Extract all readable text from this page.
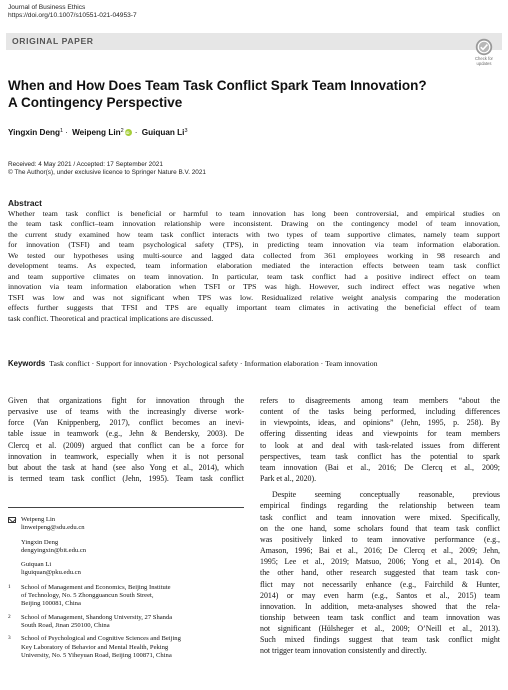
Journal of Business Ethics
https://doi.org/10.1007/s10551-021-04953-7
ORIGINAL PAPER
Check for
updates
When and How Does Team Task Conflict Spark Team Innovation?
A Contingency Perspective
Yingxin Deng$^1$ · Weipeng Lin$^2$iD · Guiquan Li$^3$
Received: 4 May 2021 / Accepted: 17 September 2021
© The Author(s), under exclusive licence to Springer Nature B.V. 2021
Abstract
Whether team task conflict is beneficial or harmful to team innovation has long been controversial, and empirical studies on
the team task conflict–team innovation relationship were inconsistent. Drawing on the contingency model of team innovation,
the current study examined how team task conflict interacts with two types of team supportive climates, namely team support
for innovation (TSFI) and team psychological safety (TPS), in predicting team innovation via team information elaboration.
We tested our hypotheses using multi-source and lagged data collected from 361 employees working in 98 research and
development teams. As expected, team information elaboration mediated the interaction effects between team task conflict
and team supportive climates on team innovation. In particular, team task conflict had a positive indirect effect on team
innovation via team information elaboration when TSFI or TPS was high. However, such indirect effect was negative when
TSFI was low and was not significant when TPS was low. Residualized relative weight analysis comparing the moderation
effects further suggests that TFSI and TPS are equally important team climates in activating the beneficial effect of team
task conflict. Theoretical and practical implications are discussed.
Keywords Task conflict · Support for innovation · Psychological safety · Information elaboration · Team innovation
Given that organizations fight for innovation through the
pervasive use of teams with the increasingly diverse work-
force (Van Knippenberg, 2017), conflict becomes an inevi-
table issue in teamwork (e.g., Jehn & Bendersky, 2003). De
Clercq et al. (2009) argued that conflict can be a force for
innovation in teamwork, especially when it is not personal
but about the task at hand (see also Yong et al., 2014), which
is termed team task conflict (Jehn, 1995). Team task conflict
refers to disagreements among team members “about the
content of the tasks being performed, including differences
in viewpoints, ideas, and opinions” (Jehn, 1995, p. 258). By
offering dissenting ideas and viewpoints for team members
to look at and deal with task-related issues from different
perspectives, team task conflict has the potential to spark
team innovation (Bai et al., 2016; De Clercq et al., 2009;
Park et al., 2020).
Despite seeming conceptually reasonable, previous
empirical findings regarding the relationship between team
task conflict and team innovation were mixed. Specifically,
on the one hand, some scholars found that team task conflict
was positively linked to team innovative performance (e.g.,
Amason, 1996; Bai et al., 2016; De Clercq et al., 2009; Jehn,
1995; Lee et al., 2019; Matsuo, 2006; Yong et al., 2014). On
the other hand, other research suggested that team task con-
flict may not necessarily enhance (e.g., Fairchild & Hunter,
2014) or may even harm (e.g., Santos et al., 2015) team
innovation. In addition, meta-analyses showed that the rela-
tionship between team task conflict and team innovation was
not significant (Hülsheger et al., 2009; O’Neill et al., 2013).
Such mixed findings suggest that team task conflict might
not trigger team innovation consistently and directly.
Weipeng Lin
linweipeng@sdu.edu.cn
Yingxin Deng
dengyingxin@bit.edu.cn
Guiquan Li
liguiquan@pku.edu.cn
1 School of Management and Economics, Beijing Institute
of Technology, No. 5 Zhongguancun South Street,
Beijing 100081, China
2 School of Management, Shandong University, 27 Shanda
South Road, Jinan 250100, China
3 School of Psychological and Cognitive Sciences and Beijing
Key Laboratory of Behavior and Mental Health, Peking
University, No. 5 Yiheyuan Road, Beijing 100871, China
